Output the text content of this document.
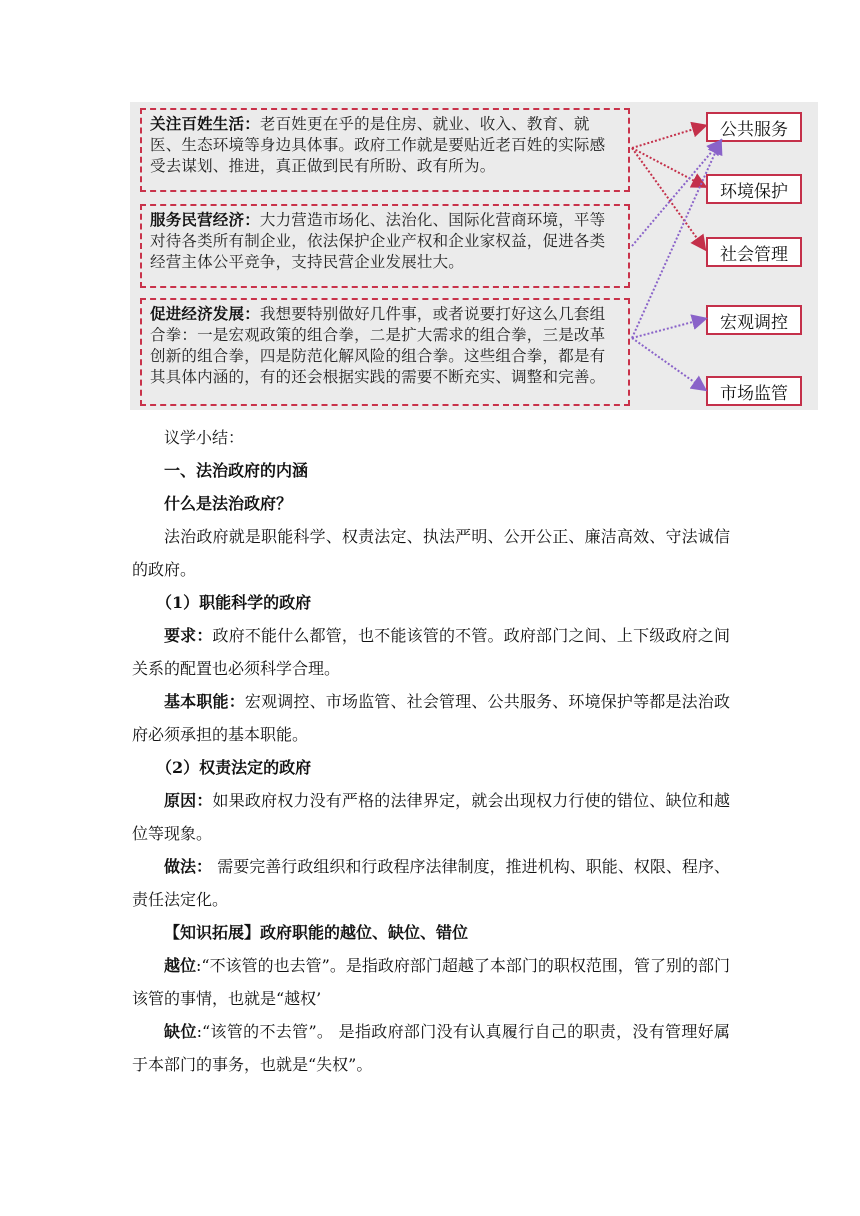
关注百姓生活：老百姓更在乎的是住房、就业、收入、教育、就医、生态环境等身边具体事。政府工作就是要贴近老百姓的实际感受去谋划、推进，真正做到民有所盼、政有所为。
服务民营经济：大力营造市场化、法治化、国际化营商环境，平等对待各类所有制企业，依法保护企业产权和企业家权益，促进各类经营主体公平竞争，支持民营企业发展壮大。
促进经济发展：我想要特别做好几件事，或者说要打好这么几套组合拳：一是宏观政策的组合拳，二是扩大需求的组合拳，三是改革创新的组合拳，四是防范化解风险的组合拳。这些组合拳，都是有其具体内涵的，有的还会根据实践的需要不断充实、调整和完善。
公共服务
环境保护
社会管理
宏观调控
市场监管

议学小结：

一、法治政府的内涵

什么是法治政府？

法治政府就是职能科学、权责法定、执法严明、公开公正、廉洁高效、守法诚信的政府。

（1）职能科学的政府

要求：政府不能什么都管，也不能该管的不管。政府部门之间、上下级政府之间关系的配置也必须科学合理。

基本职能：宏观调控、市场监管、社会管理、公共服务、环境保护等都是法治政府必须承担的基本职能。

（2）权责法定的政府

原因：如果政府权力没有严格的法律界定，就会出现权力行使的错位、缺位和越位等现象。

做法： 需要完善行政组织和行政程序法律制度，推进机构、职能、权限、程序、责任法定化。

【知识拓展】政府职能的越位、缺位、错位

越位:“不该管的也去管”。是指政府部门超越了本部门的职权范围，管了别的部门该管的事情，也就是“越权’

缺位:“该管的不去管”。 是指政府部门没有认真履行自己的职责，没有管理好属于本部门的事务，也就是“失权”。
